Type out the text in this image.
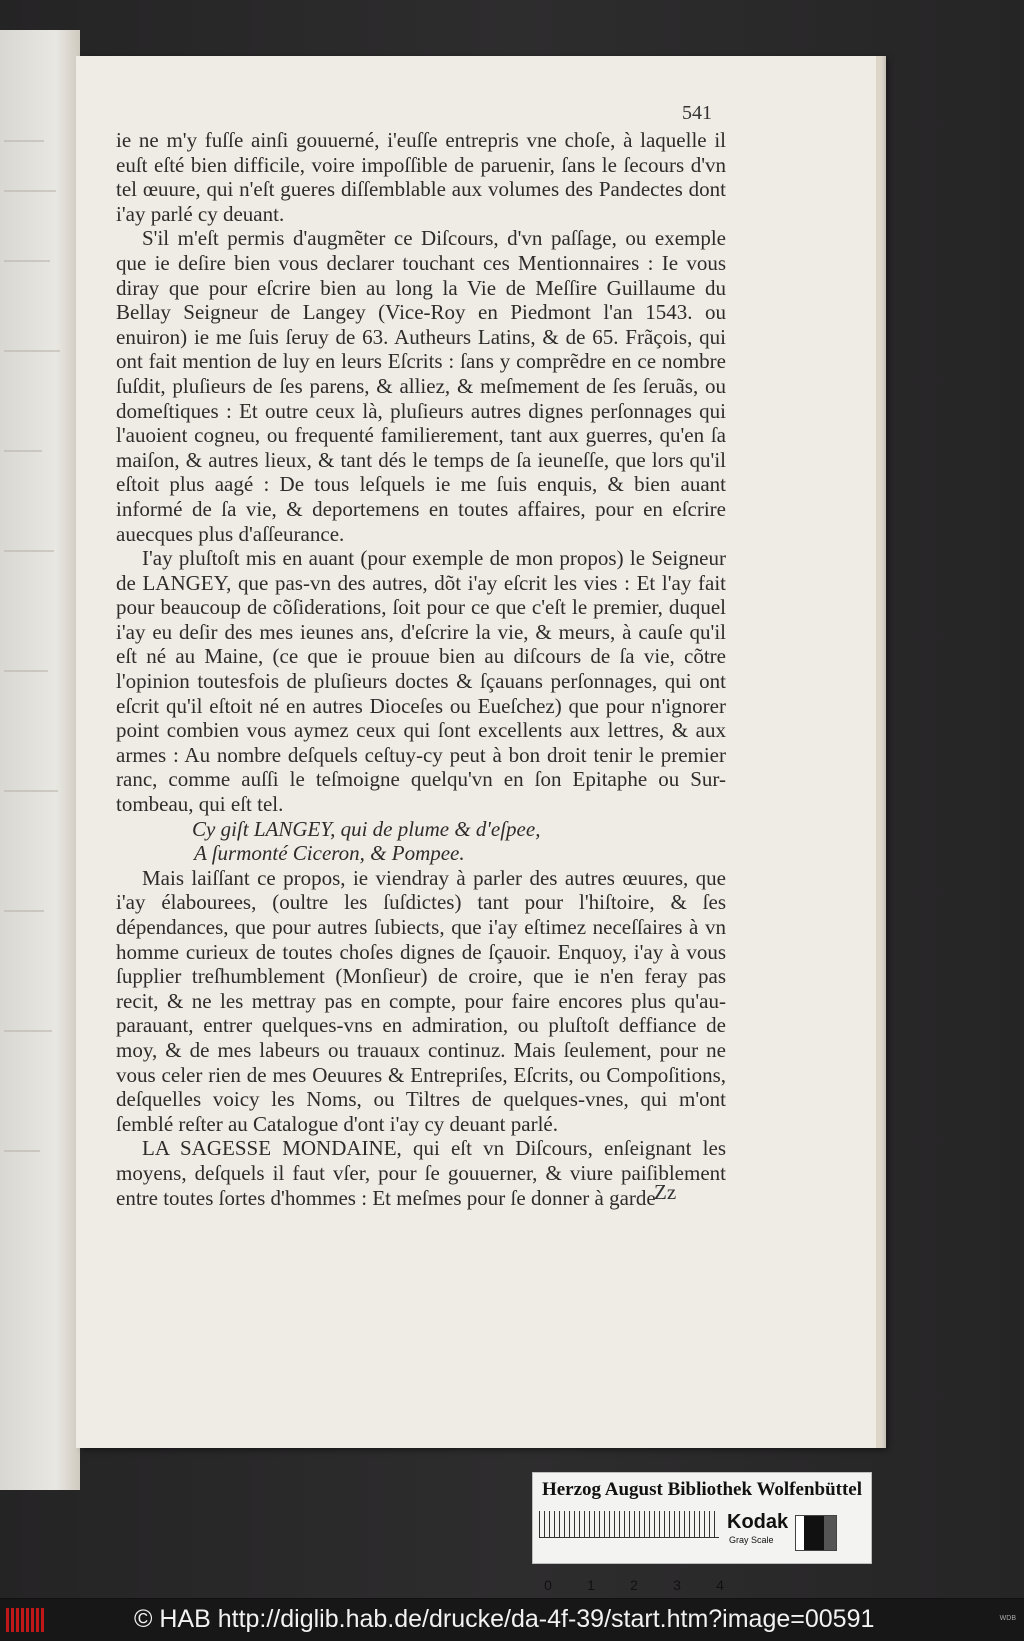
541

ie ne m'y fuſſe ainſi gouuerné, i'euſſe entrepris vne choſe, à laquelle il euſt eſté bien difficile, voire impoſſible de paruenir, ſans le ſecours d'vn tel œuure, qui n'eſt gueres diſſemblable aux volumes des Pandectes dont i'ay parlé cy deuant.

S'il m'eſt permis d'augmẽter ce Diſcours, d'vn paſſage, ou exemple que ie deſire bien vous declarer touchant ces Mentionnaires : Ie vous diray que pour eſcrire bien au long la Vie de Meſſire Guillaume du Bellay Seigneur de Langey (Vice-Roy en Piedmont l'an 1543. ou enuiron) ie me ſuis ſeruy de 63. Autheurs Latins, & de 65. Frãçois, qui ont fait mention de luy en leurs Eſcrits : ſans y comprẽdre en ce nombre ſuſdit, pluſieurs de ſes parens, & alliez, & meſmement de ſes ſeruãs, ou domeſtiques : Et outre ceux là, pluſieurs autres dignes perſonnages qui l'auoient cogneu, ou frequenté familierement, tant aux guerres, qu'en ſa maiſon, & autres lieux, & tant dés le temps de ſa ieuneſſe, que lors qu'il eſtoit plus aagé : De tous leſquels ie me ſuis enquis, & bien auant informé de ſa vie, & deportemens en toutes affaires, pour en eſcrire auecques plus d'aſſeurance.

I'ay pluſtoſt mis en auant (pour exemple de mon propos) le Seigneur de LANGEY, que pas-vn des autres, dõt i'ay eſcrit les vies : Et l'ay fait pour beaucoup de cõſiderations, ſoit pour ce que c'eſt le premier, duquel i'ay eu deſir des mes ieunes ans, d'eſcrire la vie, & meurs, à cauſe qu'il eſt né au Maine, (ce que ie prouue bien au diſcours de ſa vie, cõtre l'opinion toutesfois de pluſieurs doctes & ſçauans perſonnages, qui ont eſcrit qu'il eſtoit né en autres Dioceſes ou Eueſchez) que pour n'ignorer point combien vous aymez ceux qui ſont excellents aux lettres, & aux armes : Au nombre deſquels ceſtuy-cy peut à bon droit tenir le premier ranc, comme auſſi le teſmoigne quelqu'vn en ſon Epitaphe ou Sur-tombeau, qui eſt tel.

Cy giſt LANGEY, qui de plume & d'eſpee,

A ſurmonté Ciceron, & Pompee.

Mais laiſſant ce propos, ie viendray à parler des autres œuures, que i'ay élabourees, (oultre les ſuſdictes) tant pour l'hiſtoire, & ſes dépendances, que pour autres ſubiects, que i'ay eſtimez neceſſaires à vn homme curieux de toutes choſes dignes de ſçauoir. Enquoy, i'ay à vous ſupplier treſhumblement (Monſieur) de croire, que ie n'en feray pas recit, & ne les mettray pas en compte, pour faire encores plus qu'au-parauant, entrer quelques-vns en admiration, ou pluſtoſt deffiance de moy, & de mes labeurs ou trauaux continuz. Mais ſeulement, pour ne vous celer rien de mes Oeuures & Entrepriſes, Eſcrits, ou Compoſitions, deſquelles voicy les Noms, ou Tiltres de quelques-vnes, qui m'ont ſemblé reſter au Catalogue d'ont i'ay cy deuant parlé.

LA SAGESSE MONDAINE, qui eſt vn Diſcours, enſeignant les moyens, deſquels il faut vſer, pour ſe gouuerner, & viure paiſiblement entre toutes ſortes d'hommes : Et meſmes pour ſe donner à garde

Zz
Herzog August Bibliothek Wolfenbüttel
0	1	2	3	4
Kodak
Gray Scale
© HAB http://diglib.hab.de/drucke/da-4f-39/start.htm?image=00591	WDB
